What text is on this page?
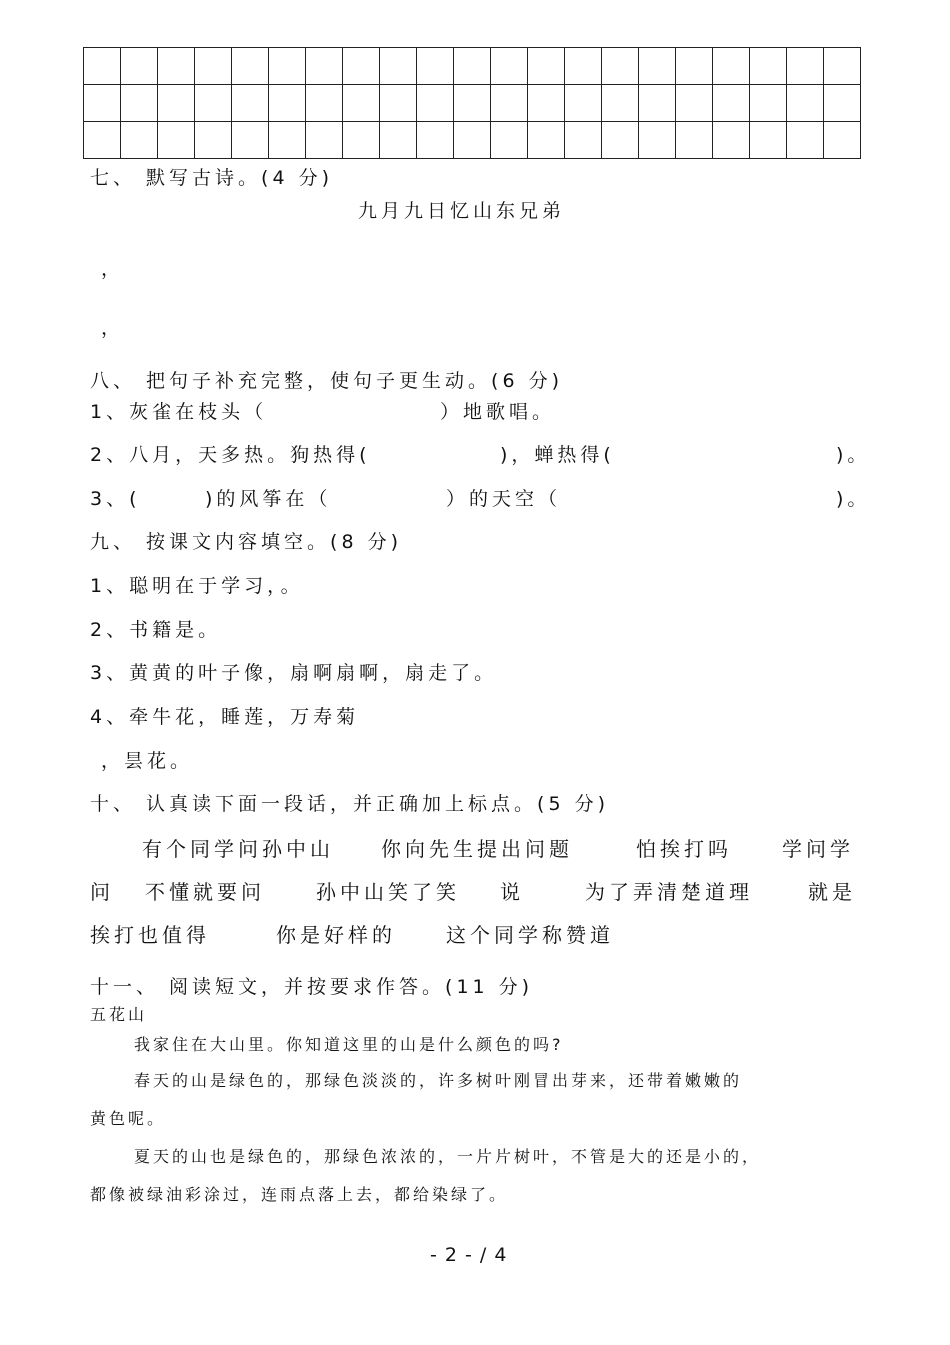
七、 默写古诗。(4 分)
九月九日忆山东兄弟
，
，
八、 把句子补充完整，使句子更生动。(6 分)
1、灰雀在枝头（	）地歌唱。
2、八月，天多热。狗热得(	)，蝉热得(	)。
3、(	)的风筝在（	）的天空（	)。
九、 按课文内容填空。(8 分)
1、聪明在于学习，。
2、书籍是。
3、黄黄的叶子像，扇啊扇啊，扇走了。
4、牵牛花，睡莲，万寿菊
，昙花。
十、 认真读下面一段话，并正确加上标点。(5 分)
有个同学问孙中山 你向先生提出问题	怕挨打吗	学问学
问 不懂就要问	孙中山笑了笑 说	为了弄清楚道理	就是
挨打也值得	你是好样的	这个同学称赞道
十一、 阅读短文，并按要求作答。(11 分)
五花山
我家住在大山里。你知道这里的山是什么颜色的吗?
春天的山是绿色的，那绿色淡淡的，许多树叶刚冒出芽来，还带着嫩嫩的
黄色呢。
夏天的山也是绿色的，那绿色浓浓的，一片片树叶，不管是大的还是小的，
都像被绿油彩涂过，连雨点落上去，都给染绿了。
- 2 - / 4
